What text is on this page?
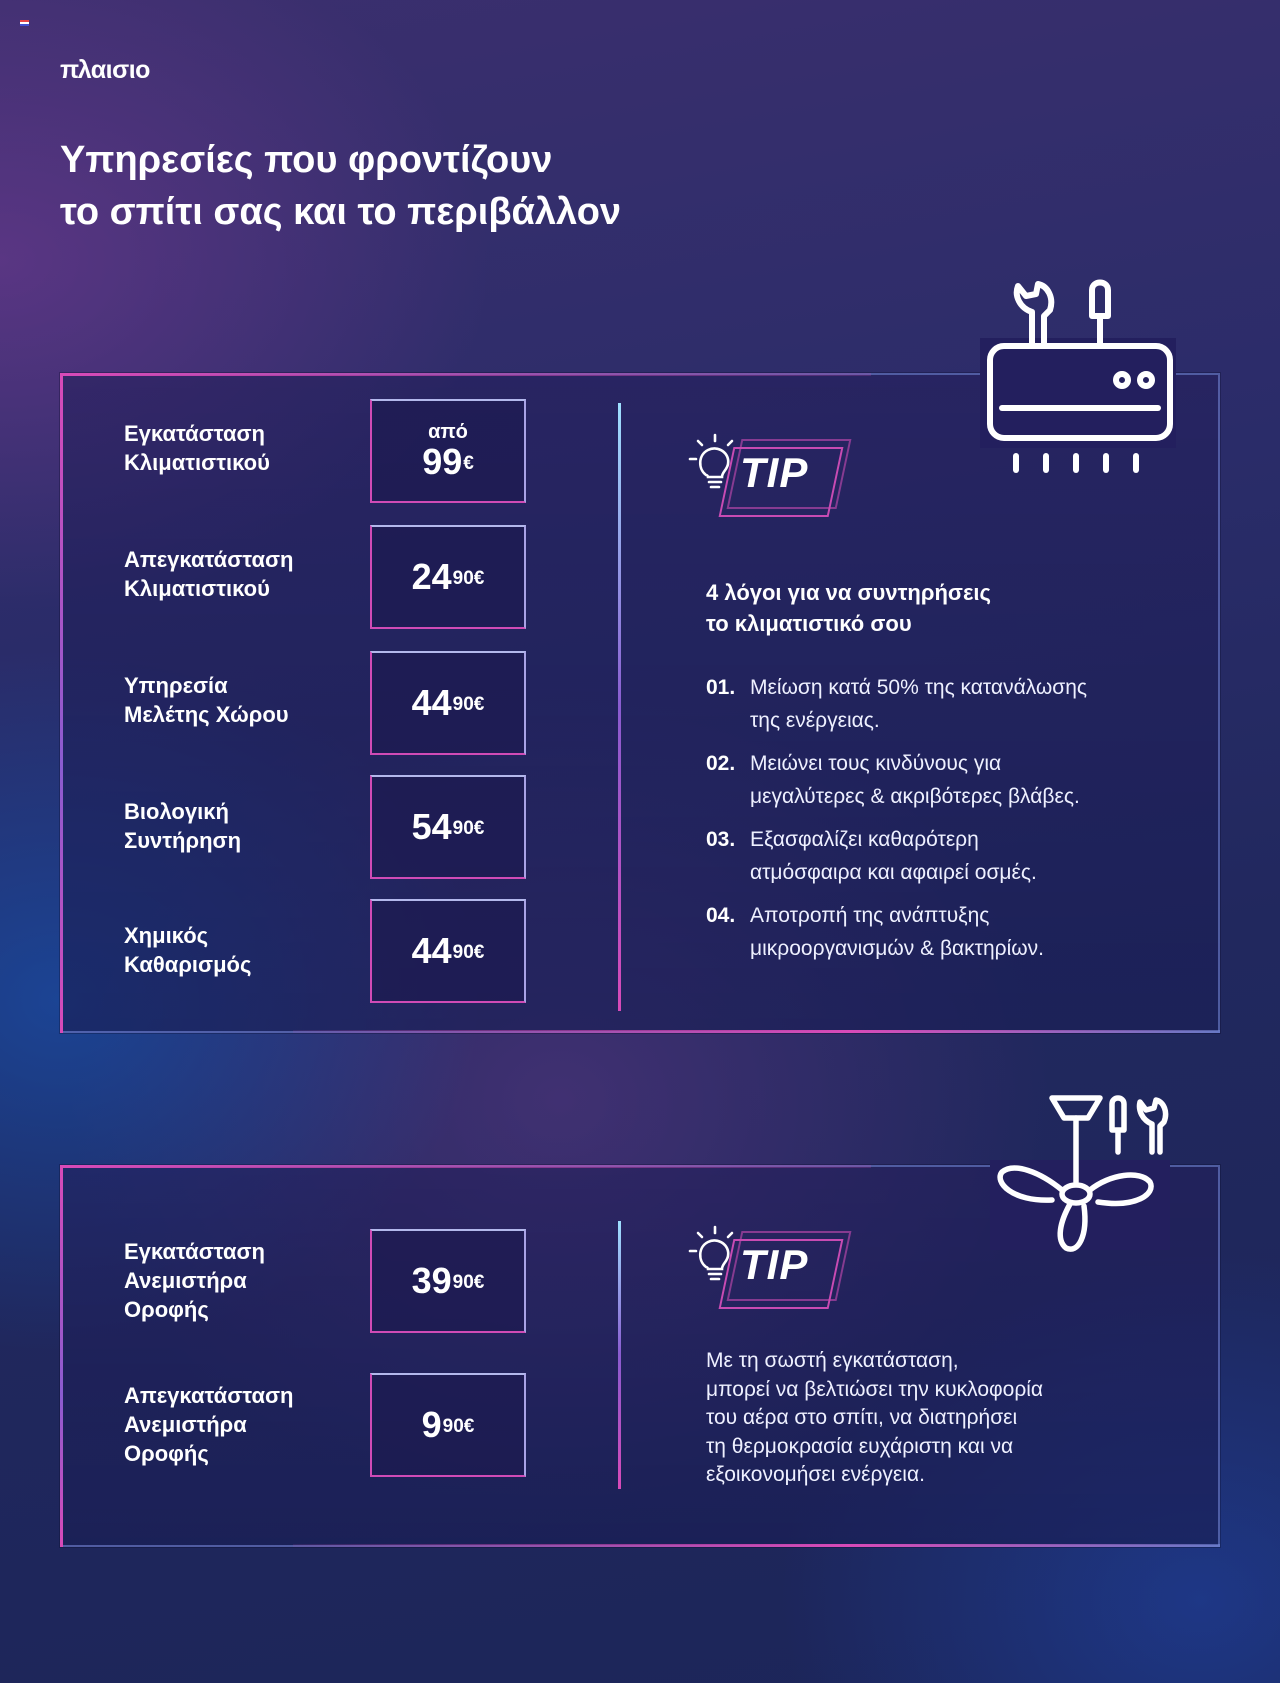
πλαισιο
Υπηρεσίες που φροντίζουν
το σπίτι σας και το περιβάλλον
Εγκατάσταση
Κλιματιστικού
από
99€
Απεγκατάσταση
Κλιματιστικού	$24^{90€}$
Υπηρεσία
Μελέτης Χώρου	$44^{90€}$
Βιολογική
Συντήρηση	$54^{90€}$
Χημικός
Καθαρισμός	$44^{90€}$
TIP
4 λόγοι για να συντηρήσεις
το κλιματιστικό σου
01. Μείωση κατά 50% της κατανάλωσης
της ενέργειας.
02. Μειώνει τους κινδύνους για
μεγαλύτερες & ακριβότερες βλάβες.
03. Εξασφαλίζει καθαρότερη
ατμόσφαιρα και αφαιρεί οσμές.
04. Αποτροπή της ανάπτυξης
μικροοργανισμών & βακτηρίων.
Εγκατάσταση
Ανεμιστήρα
Οροφής
$39^{90€}$
Απεγκατάσταση
Ανεμιστήρα
Οροφής
$9^{90€}$
TIP
Με τη σωστή εγκατάσταση,
μπορεί να βελτιώσει την κυκλοφορία
του αέρα στο σπίτι, να διατηρήσει
τη θερμοκρασία ευχάριστη και να
εξοικονομήσει ενέργεια.
